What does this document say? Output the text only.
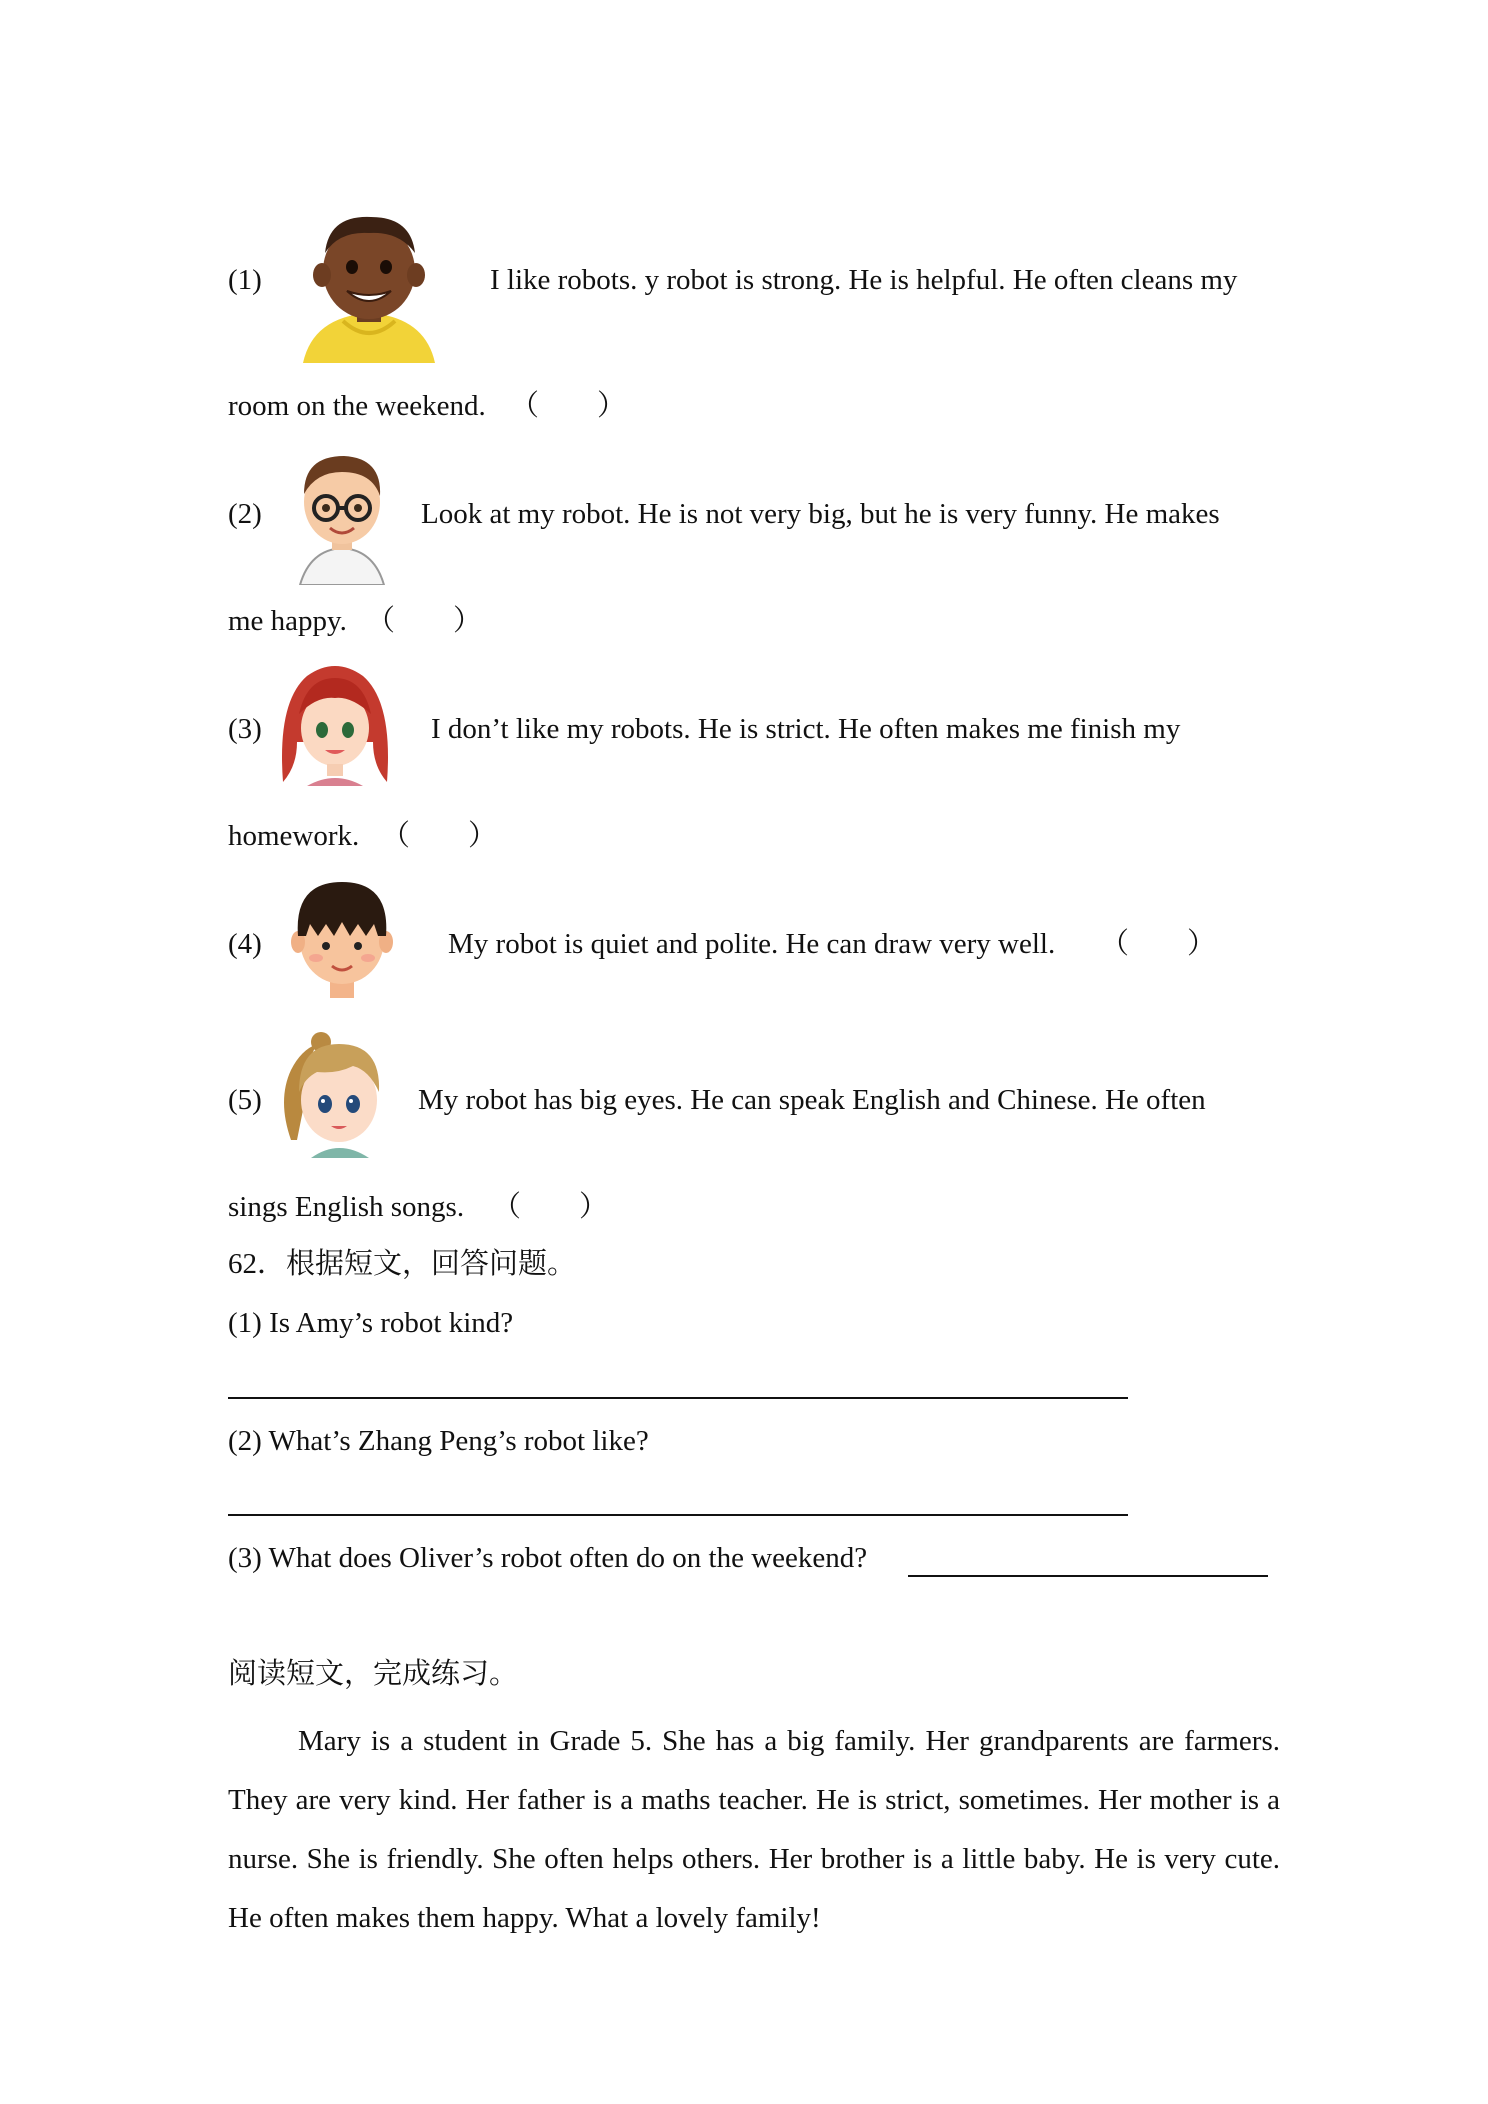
(1)	I like robots. y robot is strong. He is helpful. He often cleans my
room on the weekend. （　　）
(2)	Look at my robot. He is not very big, but he is very funny. He makes
me happy. （　　）
(3)	I don’t like my robots. He is strict. He often makes me finish my
homework. （　　）
(4)	My robot is quiet and polite. He can draw very well. （　　）
(5)	My robot has big eyes. He can speak English and Chinese. He often
sings English songs. （　　）
62．根据短文，回答问题。
(1) Is Amy’s robot kind?
(2) What’s Zhang Peng’s robot like?
(3) What does Oliver’s robot often do on the weekend?
阅读短文，完成练习。

Mary is a student in Grade 5. She has a big family. Her grandparents are farmers. They are very kind. Her father is a maths teacher. He is strict, sometimes. Her mother is a nurse. She is friendly. She often helps others. Her brother is a little baby. He is very cute. He often makes them happy. What a lovely family!
